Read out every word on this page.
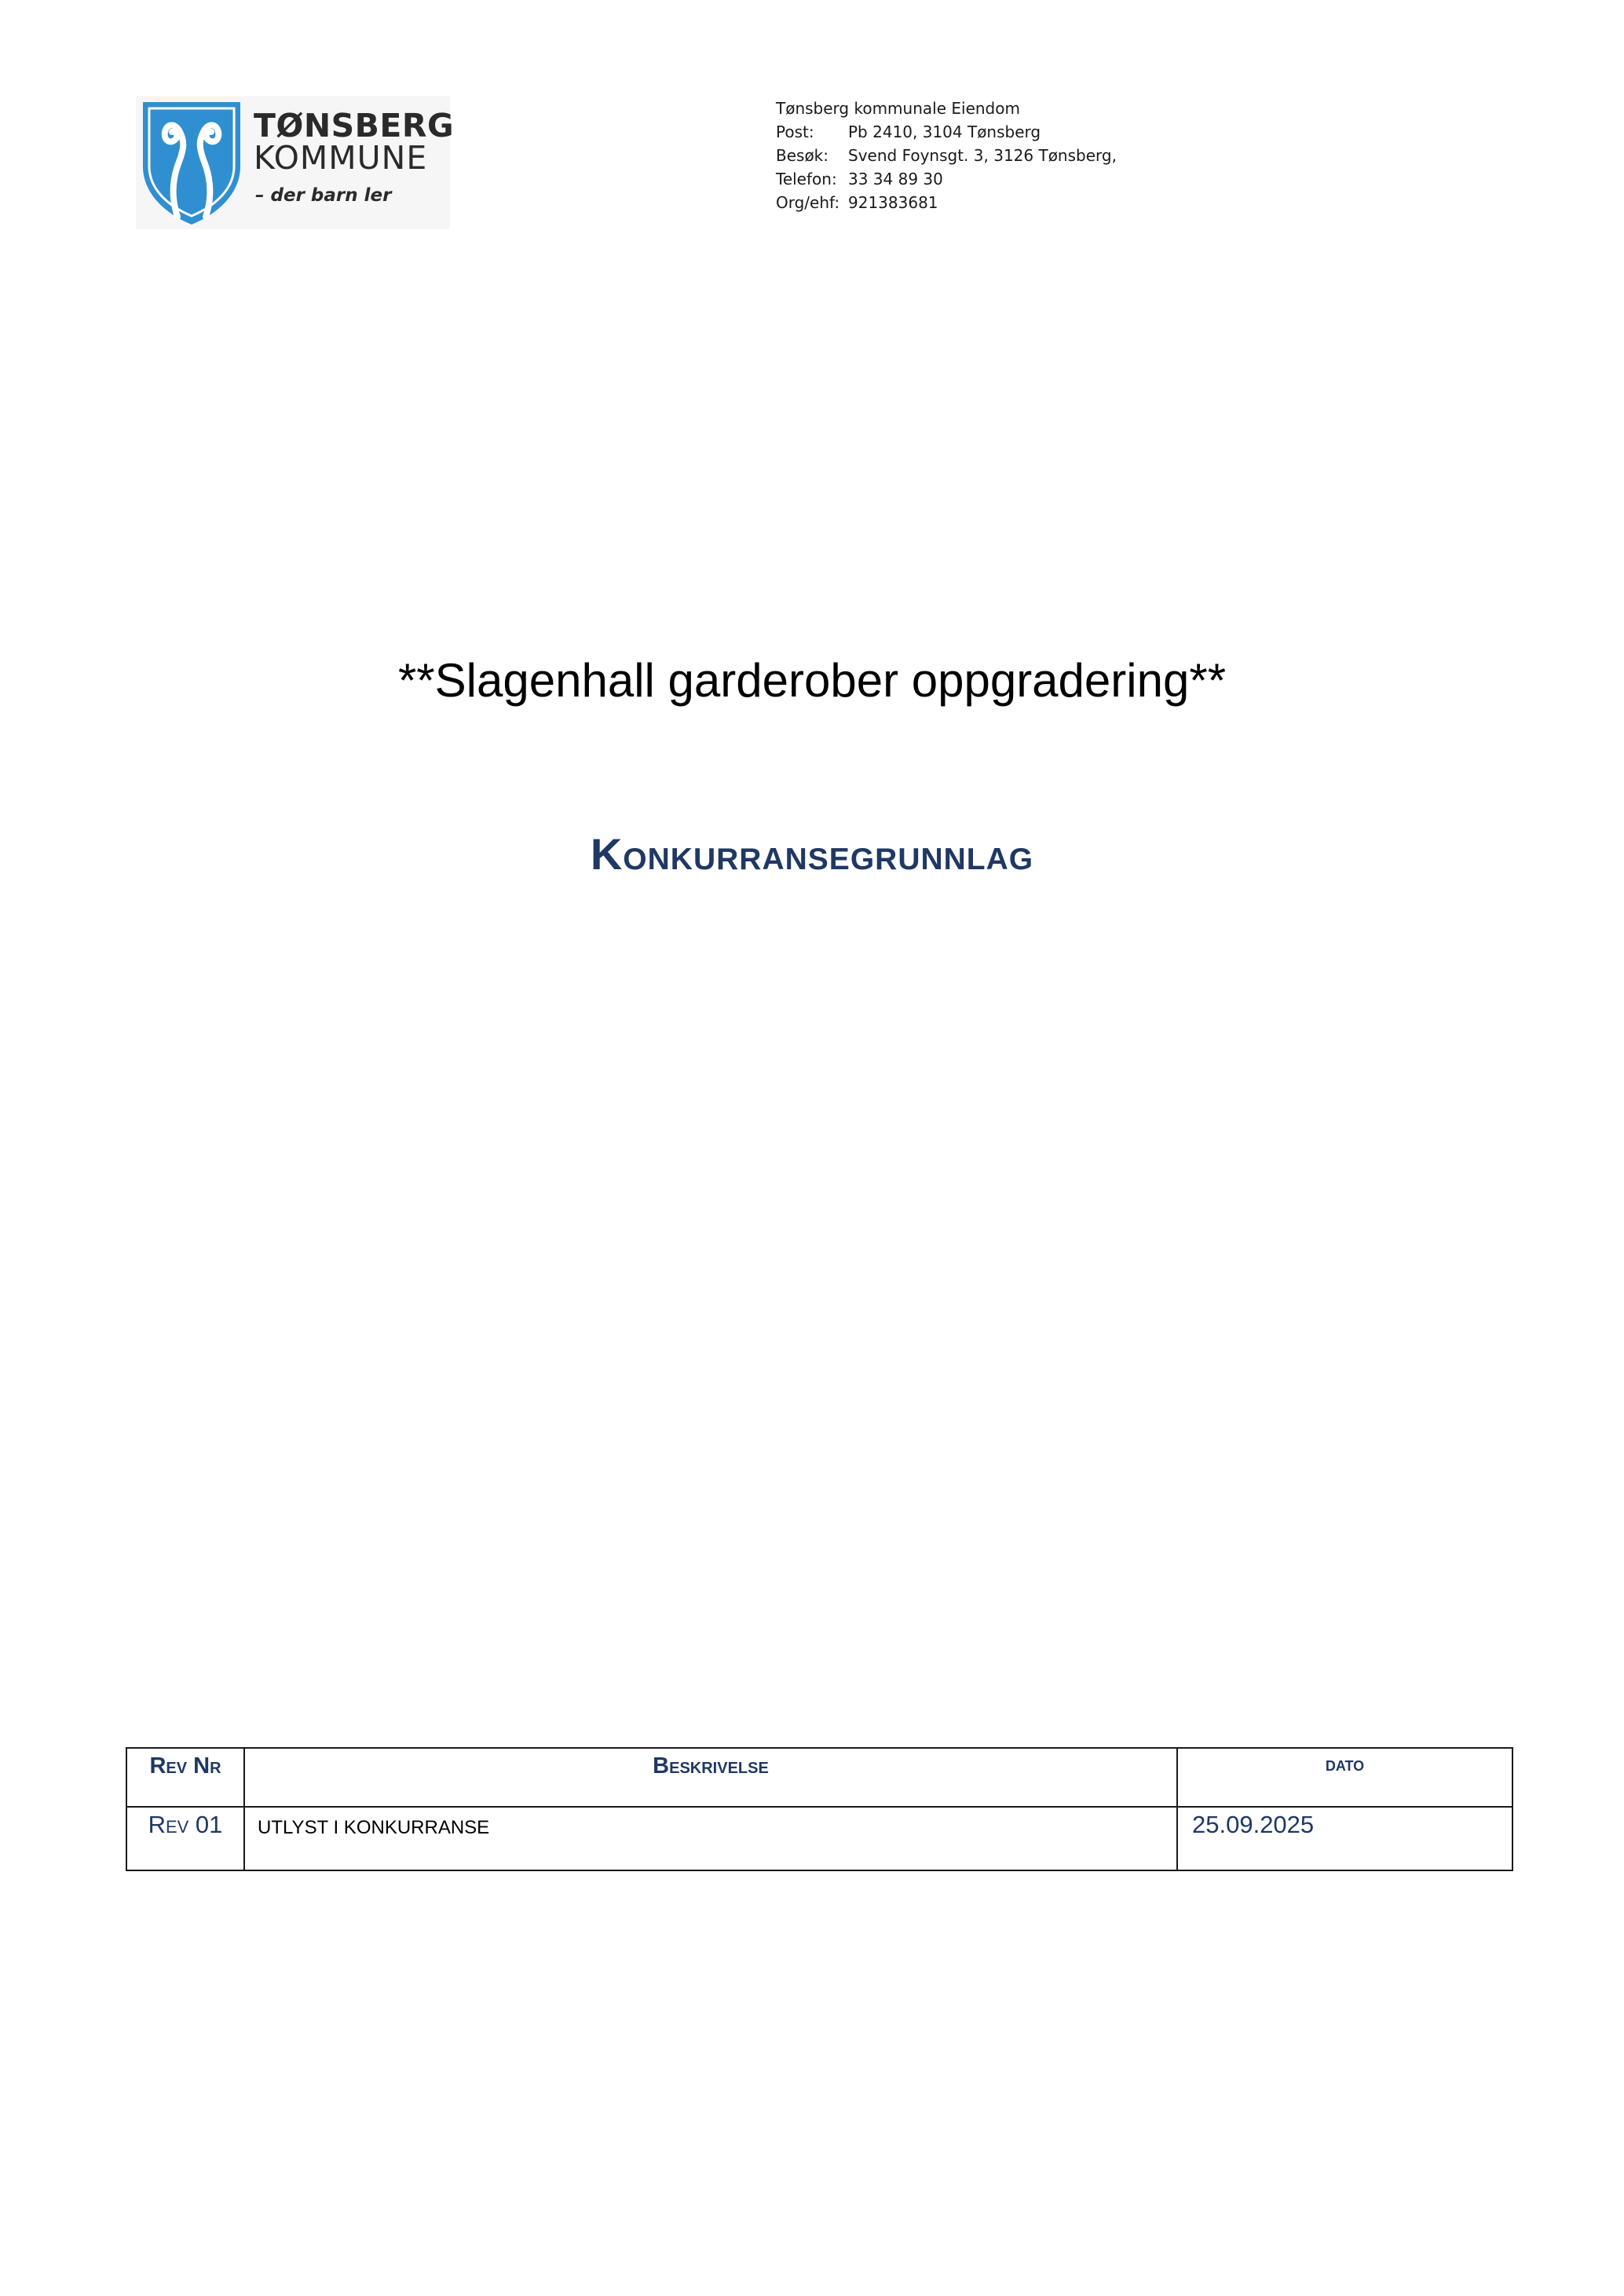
TØNSBERG
KOMMUNE
– der barn ler
Tønsberg kommunale Eiendom
Post: Pb 2410, 3104 Tønsberg
Besøk: Svend Foynsgt. 3, 3126 Tønsberg,
Telefon: 33 34 89 30
Org/ehf: 921383681
**Slagenhall garderober oppgradering**
Konkurransegrunnlag
Rev Nr	Beskrivelse	dato
Rev 01	UTLYST I KONKURRANSE	25.09.2025
